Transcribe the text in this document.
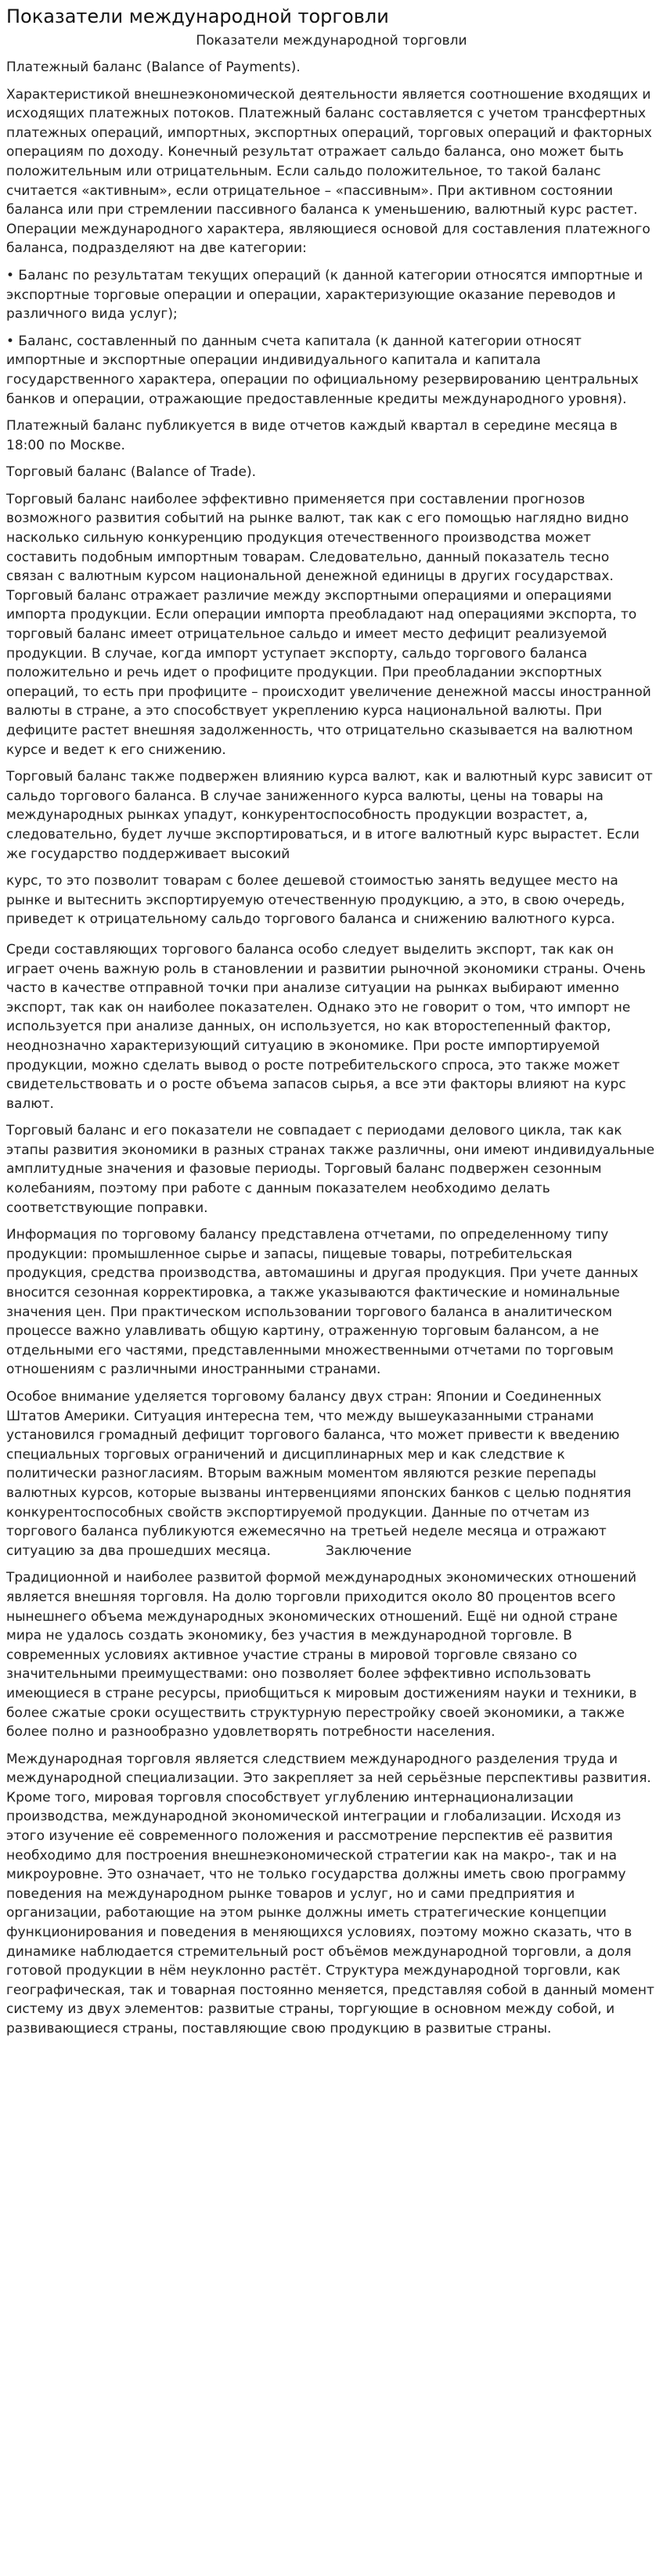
Показатели международной торговли
Показатели международной торговли

Платежный баланс (Balance of Payments).

Характеристикой внешнеэкономической деятельности является соотношение входящих и исходящих платежных потоков. Платежный баланс составляется с учетом трансфертных платежных операций, импортных, экспортных операций, торговых операций и факторных операциям по доходу. Конечный результат отражает сальдо баланса, оно может быть положительным или отрицательным. Если сальдо положительное, то такой баланс считается «активным», если отрицательное – «пассивным». При активном состоянии баланса или при стремлении пассивного баланса к уменьшению, валютный курс растет. Операции международного характера, являющиеся основой для составления платежного баланса, подразделяют на две категории:

• Баланс по результатам текущих операций (к данной категории относятся импортные и экспортные торговые операции и операции, характеризующие оказание переводов и различного вида услуг);

• Баланс, составленный по данным счета капитала (к данной категории относят импортные и экспортные операции индивидуального капитала и капитала государственного характера, операции по официальному резервированию центральных банков и операции, отражающие предоставленные кредиты международного уровня).

Платежный баланс публикуется в виде отчетов каждый квартал в середине месяца в 18:00 по Москве.

Торговый баланс (Balance of Trade).

Торговый баланс наиболее эффективно применяется при составлении прогнозов возможного развития событий на рынке валют, так как с его помощью наглядно видно насколько сильную конкуренцию продукция отечественного производства может составить подобным импортным товарам. Следовательно, данный показатель тесно связан с валютным курсом национальной денежной единицы в других государствах. Торговый баланс отражает различие между экспортными операциями и операциями импорта продукции. Если операции импорта преобладают над операциями экспорта, то торговый баланс имеет отрицательное сальдо и имеет место дефицит реализуемой продукции. В случае, когда импорт уступает экспорту, сальдо торгового баланса положительно и речь идет о профиците продукции. При преобладании экспортных операций, то есть при профиците – происходит увеличение денежной массы иностранной валюты в стране, а это способствует укреплению курса национальной валюты. При дефиците растет внешняя задолженность, что отрицательно сказывается на валютном курсе и ведет к его снижению.

Торговый баланс также подвержен влиянию курса валют, как и валютный курс зависит от сальдо торгового баланса. В случае заниженного курса валюты, цены на товары на международных рынках упадут, конкурентоспособность продукции возрастет, а, следовательно, будет лучше экспортироваться, и в итоге валютный курс вырастет. Если же государство поддерживает высокий

курс, то это позволит товарам с более дешевой стоимостью занять ведущее место на рынке и вытеснить экспортируемую отечественную продукцию, а это, в свою очередь, приведет к отрицательному сальдо торгового баланса и снижению валютного курса.

Среди составляющих торгового баланса особо следует выделить экспорт, так как он играет очень важную роль в становлении и развитии рыночной экономики страны. Очень часто в качестве отправной точки при анализе ситуации на рынках выбирают именно экспорт, так как он наиболее показателен. Однако это не говорит о том, что импорт не используется при анализе данных, он используется, но как второстепенный фактор, неоднозначно характеризующий ситуацию в экономике. При росте импортируемой продукции, можно сделать вывод о росте потребительского спроса, это также может свидетельствовать и о росте объема запасов сырья, а все эти факторы влияют на курс валют.

Торговый баланс и его показатели не совпадает с периодами делового цикла, так как этапы развития экономики в разных странах также различны, они имеют индивидуальные амплитудные значения и фазовые периоды. Торговый баланс подвержен сезонным колебаниям, поэтому при работе с данным показателем необходимо делать соответствующие поправки.

Информация по торговому балансу представлена отчетами, по определенному типу продукции: промышленное сырье и запасы, пищевые товары, потребительская продукция, средства производства, автомашины и другая продукция. При учете данных вносится сезонная корректировка, а также указываются фактические и номинальные значения цен. При практическом использовании торгового баланса в аналитическом процессе важно улавливать общую картину, отраженную торговым балансом, а не отдельными его частями, представленными множественными отчетами по торговым отношениям с различными иностранными странами.

Особое внимание уделяется торговому балансу двух стран: Японии и Соединенных Штатов Америки. Ситуация интересна тем, что между вышеуказанными странами установился громадный дефицит торгового баланса, что может привести к введению специальных торговых ограничений и дисциплинарных мер и как следствие к политически разногласиям. Вторым важным моментом являются резкие перепады валютных курсов, которые вызваны интервенциями японских банков с целью поднятия конкурентоспособных свойств экспортируемой продукции. Данные по отчетам из торгового баланса публикуются ежемесячно на третьей неделе месяца и отражают ситуацию за два прошедших месяца.	Заключение

Традиционной и наиболее развитой формой международных экономических отношений является внешняя торговля. На долю торговли приходится около 80 процентов всего нынешнего объема международных экономических отношений. Ещё ни одной стране мира не удалось создать экономику, без участия в международной торговле. В современных условиях активное участие страны в мировой торговле связано со значительными преимуществами: оно позволяет более эффективно использовать имеющиеся в стране ресурсы, приобщиться к мировым достижениям науки и техники, в более сжатые сроки осуществить структурную перестройку своей экономики, а также более полно и разнообразно удовлетворять потребности населения.

Международная торговля является следствием международного разделения труда и международной специализации. Это закрепляет за ней серьёзные перспективы развития. Кроме того, мировая торговля способствует углублению интернационализации производства, международной экономической интеграции и глобализации. Исходя из этого изучение её современного положения и рассмотрение перспектив её развития необходимо для построения внешнеэкономической стратегии как на макро-, так и на микроуровне. Это означает, что не только государства должны иметь свою программу поведения на международном рынке товаров и услуг, но и сами предприятия и организации, работающие на этом рынке должны иметь стратегические концепции функционирования и поведения в меняющихся условиях, поэтому можно сказать, что в динамике наблюдается стремительный рост объёмов международной торговли, а доля готовой продукции в нём неуклонно растёт. Структура международной торговли, как географическая, так и товарная постоянно меняется, представляя собой в данный момент систему из двух элементов: развитые страны, торгующие в основном между собой, и развивающиеся страны, поставляющие свою продукцию в развитые страны.
